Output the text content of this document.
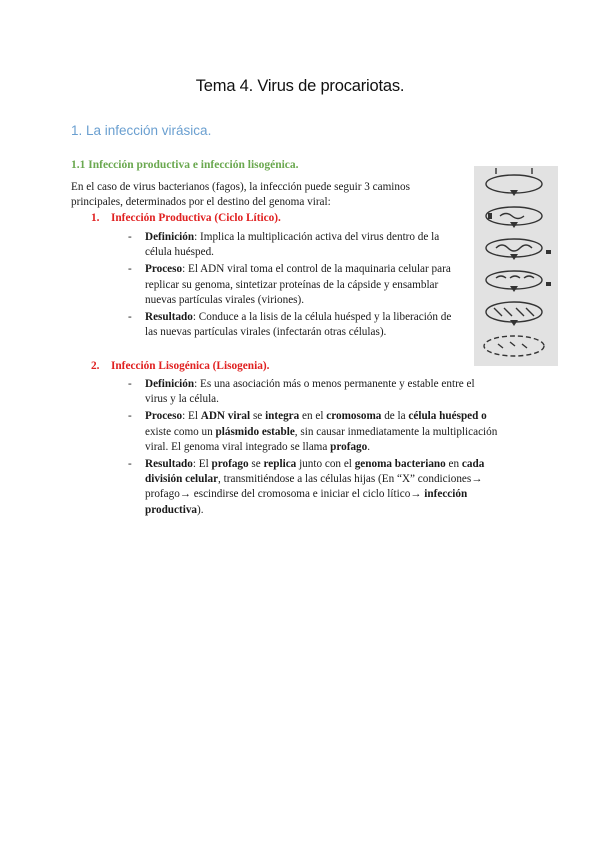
Tema 4. Virus de procariotas.
1. La infección virásica.
1.1 Infección productiva e infección lisogénica.
En el caso de virus bacterianos (fagos), la infección puede seguir 3 caminos principales, determinados por el destino del genoma viral:
1. Infección Productiva (Ciclo Lítico).
- Definición: Implica la multiplicación activa del virus dentro de la célula huésped.
- Proceso: El ADN viral toma el control de la maquinaria celular para replicar su genoma, sintetizar proteínas de la cápside y ensamblar nuevas partículas virales (viriones).
- Resultado: Conduce a la lisis de la célula huésped y la liberación de las nuevas partículas virales (infectarán otras células).
2. Infección Lisogénica (Lisogenia).
- Definición: Es una asociación más o menos permanente y estable entre el virus y la célula.
- Proceso: El ADN viral se integra en el cromosoma de la célula huésped o existe como un plásmido estable, sin causar inmediatamente la multiplicación viral. El genoma viral integrado se llama profago.
- Resultado: El profago se replica junto con el genoma bacteriano en cada división celular, transmitiéndose a las células hijas (En “X” condiciones→ profago→ escindirse del cromosoma e iniciar el ciclo lítico→ infección productiva).
